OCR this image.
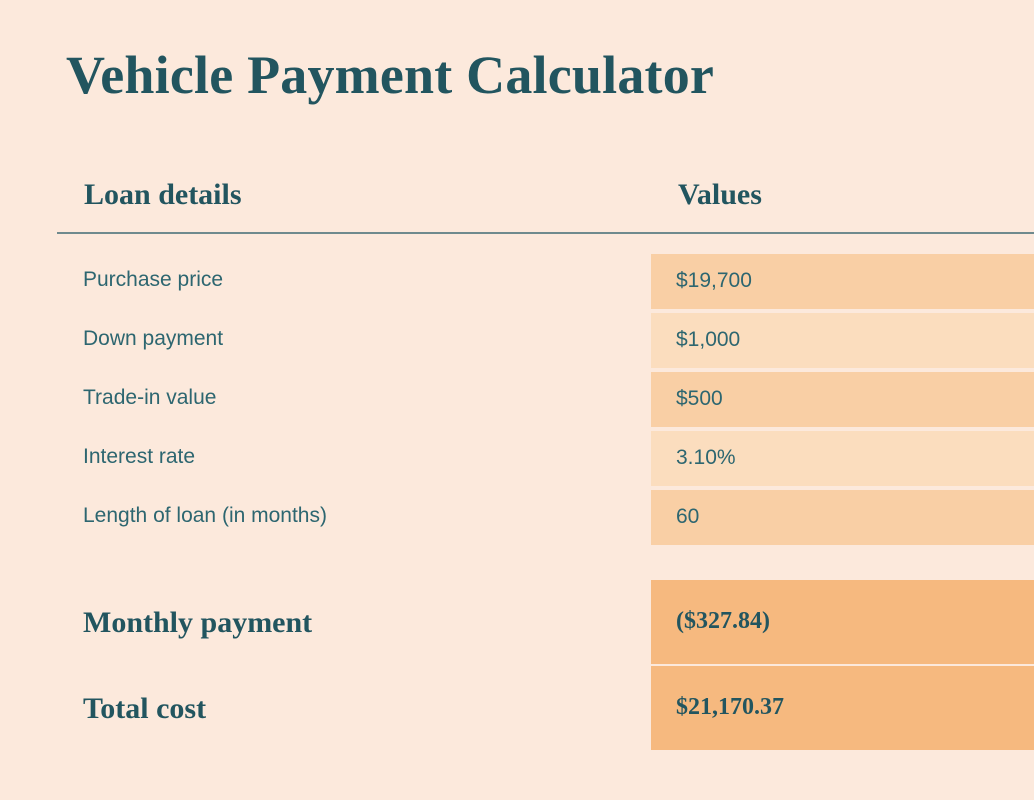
Vehicle Payment Calculator
Loan details	Values
Purchase price	$19,700
Down payment	$1,000
Trade-in value	$500
Interest rate	3.10%
Length of loan (in months)	60
Monthly payment	($327.84)
Total cost	$21,170.37
